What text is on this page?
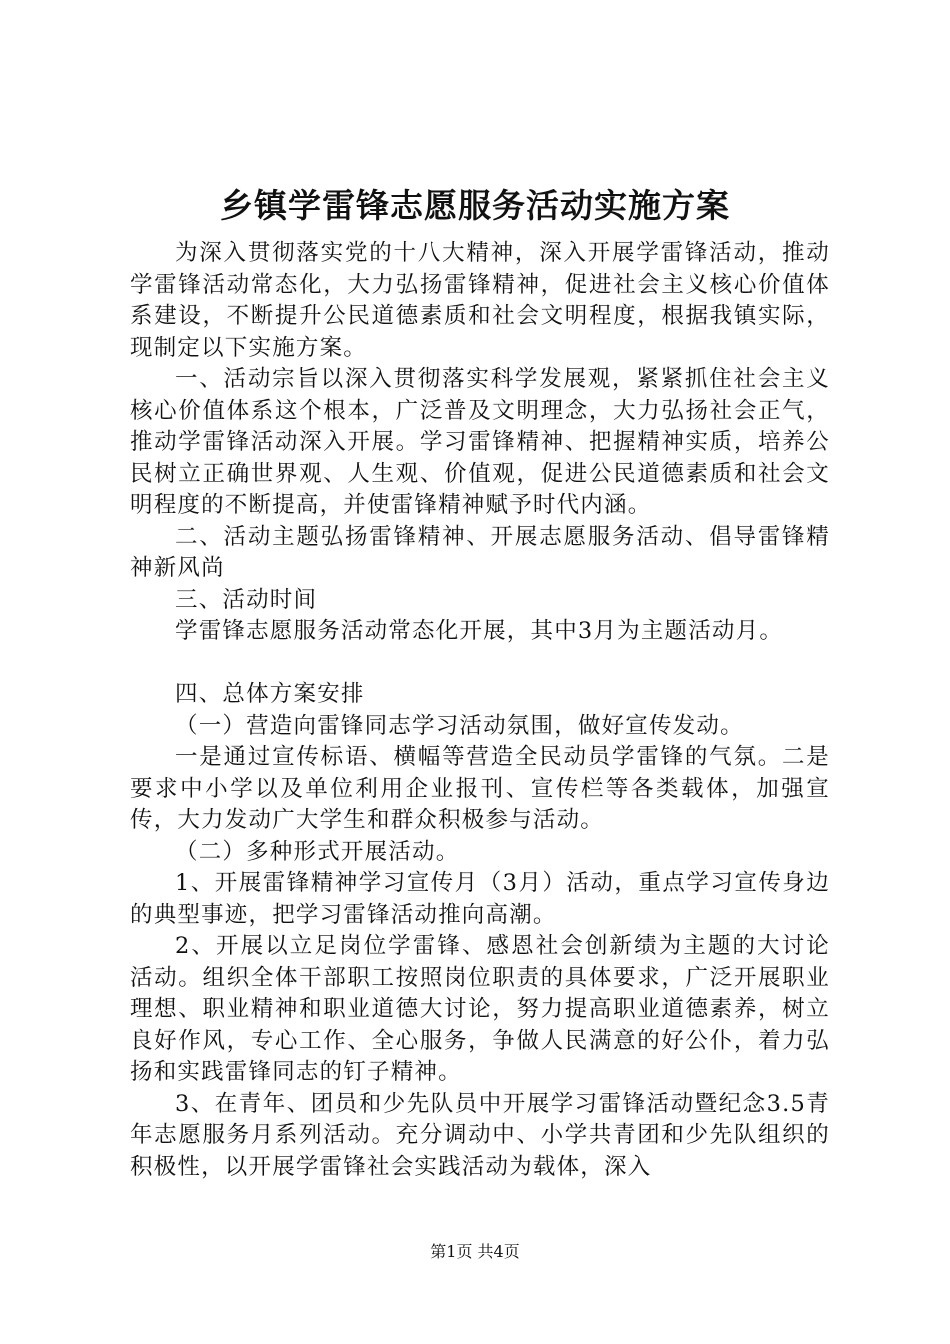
乡镇学雷锋志愿服务活动实施方案

为深入贯彻落实党的十八大精神，深入开展学雷锋活动，推动学雷锋活动常态化，大力弘扬雷锋精神，促进社会主义核心价值体系建设，不断提升公民道德素质和社会文明程度，根据我镇实际，现制定以下实施方案。

一、活动宗旨以深入贯彻落实科学发展观，紧紧抓住社会主义核心价值体系这个根本，广泛普及文明理念，大力弘扬社会正气，推动学雷锋活动深入开展。学习雷锋精神、把握精神实质，培养公民树立正确世界观、人生观、价值观，促进公民道德素质和社会文明程度的不断提高，并使雷锋精神赋予时代内涵。

二、活动主题弘扬雷锋精神、开展志愿服务活动、倡导雷锋精神新风尚

三、活动时间

学雷锋志愿服务活动常态化开展，其中3月为主题活动月。

四、总体方案安排

（一）营造向雷锋同志学习活动氛围，做好宣传发动。

一是通过宣传标语、横幅等营造全民动员学雷锋的气氛。二是要求中小学以及单位利用企业报刊、宣传栏等各类载体，加强宣传，大力发动广大学生和群众积极参与活动。

（二）多种形式开展活动。

1、开展雷锋精神学习宣传月（3月）活动，重点学习宣传身边的典型事迹，把学习雷锋活动推向高潮。

2、开展以立足岗位学雷锋、感恩社会创新绩为主题的大讨论活动。组织全体干部职工按照岗位职责的具体要求，广泛开展职业理想、职业精神和职业道德大讨论，努力提高职业道德素养，树立良好作风，专心工作、全心服务，争做人民满意的好公仆，着力弘扬和实践雷锋同志的钉子精神。

3、在青年、团员和少先队员中开展学习雷锋活动暨纪念3.5青年志愿服务月系列活动。充分调动中、小学共青团和少先队组织的积极性，以开展学雷锋社会实践活动为载体，深入

第1页 共4页
